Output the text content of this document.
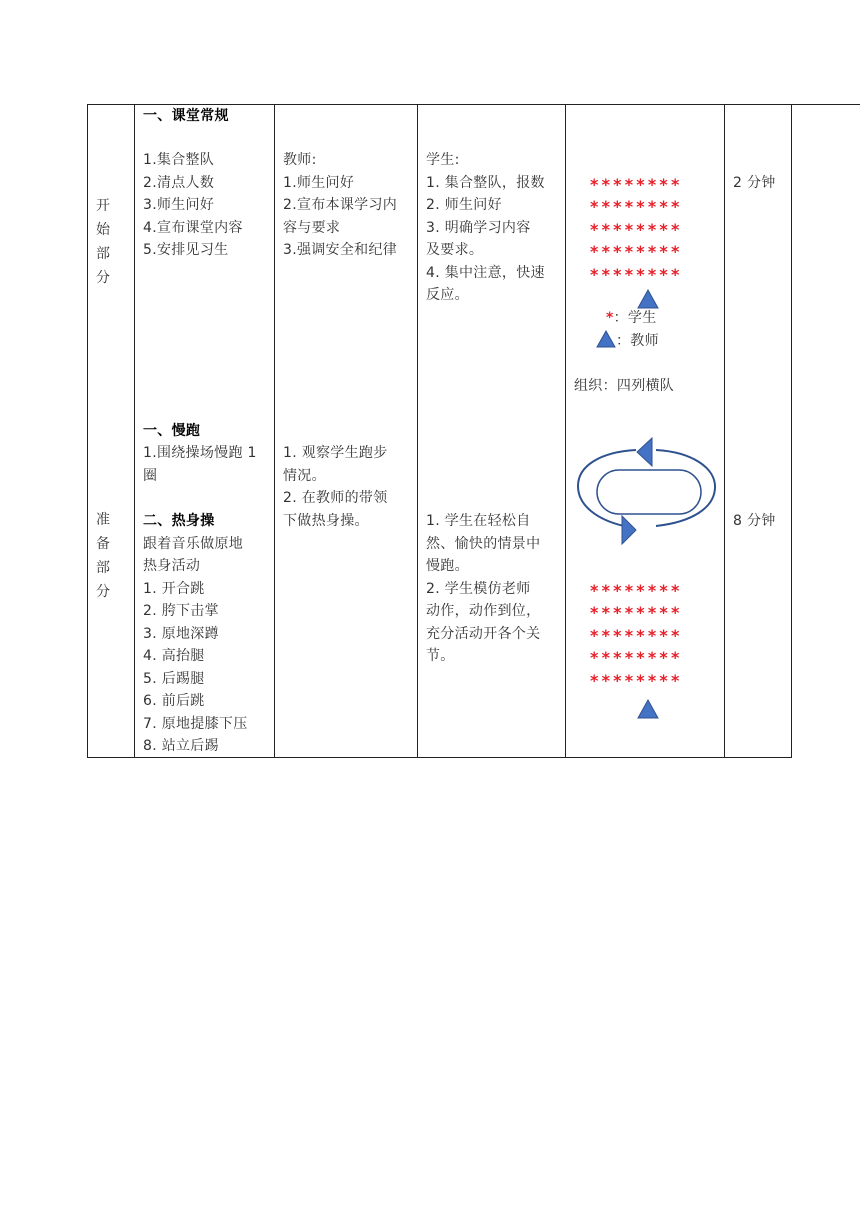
开始部分
一、课堂常规
1.集合整队
2.清点人数
3.师生问好
4.宣布课堂内容
5.安排见习生
教师:
1.师生问好
2.宣布本课学习内
容与要求
3.强调安全和纪律
学生:
1. 集合整队，报数
2. 师生问好
3. 明确学习内容
及要求。
4. 集中注意，快速
反应。
********
********
********
********
********
*：学生
：教师
组织：四列横队
2 分钟
准备部分
一、慢跑
1.围绕操场慢跑 1
圈
二、热身操
跟着音乐做原地
热身活动
1. 开合跳
2. 胯下击掌
3. 原地深蹲
4. 高抬腿
5. 后踢腿
6. 前后跳
7. 原地提膝下压
8. 站立后踢
1. 观察学生跑步
情况。
2. 在教师的带领
下做热身操。	1. 学生在轻松自
然、愉快的情景中
慢跑。
2. 学生模仿老师
动作，动作到位，
充分活动开各个关
节。
********
********
********
********
********
8 分钟
